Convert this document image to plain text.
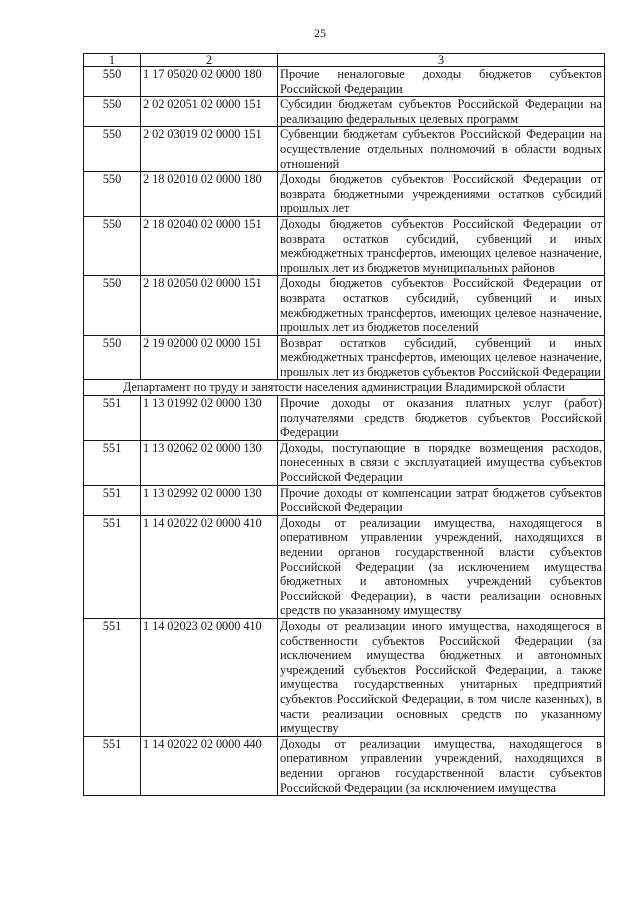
25
1	2	3
550	1 17 05020 02 0000 180	Прочие неналоговые доходы бюджетов субъектов Российской Федерации
550	2 02 02051 02 0000 151	Субсидии бюджетам субъектов Российской Федерации на реализацию федеральных целевых программ
550	2 02 03019 02 0000 151	Субвенции бюджетам субъектов Российской Федерации на осуществление отдельных полномочий в области водных отношений
550	2 18 02010 02 0000 180	Доходы бюджетов субъектов Российской Федерации от возврата бюджетными учреждениями остатков субсидий прошлых лет
550	2 18 02040 02 0000 151	Доходы бюджетов субъектов Российской Федерации от возврата остатков субсидий, субвенций и иных межбюджетных трансфертов, имеющих целевое назначение, прошлых лет из бюджетов муниципальных районов
550	2 18 02050 02 0000 151	Доходы бюджетов субъектов Российской Федерации от возврата остатков субсидий, субвенций и иных межбюджетных трансфертов, имеющих целевое назначение, прошлых лет из бюджетов поселений
550	2 19 02000 02 0000 151	Возврат остатков субсидий, субвенций и иных межбюджетных трансфертов, имеющих целевое назначение, прошлых лет из бюджетов субъектов Российской Федерации
Департамент по труду и занятости населения администрации Владимирской области		
551	1 13 01992 02 0000 130	Прочие доходы от оказания платных услуг (работ) получателями средств бюджетов субъектов Российской Федерации
551	1 13 02062 02 0000 130	Доходы, поступающие в порядке возмещения расходов, понесенных в связи с эксплуатацией имущества субъектов Российской Федерации
551	1 13 02992 02 0000 130	Прочие доходы от компенсации затрат бюджетов субъектов Российской Федерации
551	1 14 02022 02 0000 410	Доходы от реализации имущества, находящегося в оперативном управлении учреждений, находящихся в ведении органов государственной власти субъектов Российской Федерации (за исключением имущества бюджетных и автономных учреждений субъектов Российской Федерации), в части реализации основных средств по указанному имуществу
551	1 14 02023 02 0000 410	Доходы от реализации иного имущества, находящегося в собственности субъектов Российской Федерации (за исключением имущества бюджетных и автономных учреждений субъектов Российской Федерации, а также имущества государственных унитарных предприятий субъектов Российской Федерации, в том числе казенных), в части реализации основных средств по указанному имуществу
551	1 14 02022 02 0000 440	Доходы от реализации имущества, находящегося в оперативном управлении учреждений, находящихся в ведении органов государственной власти субъектов Российской Федерации (за исключением имущества
